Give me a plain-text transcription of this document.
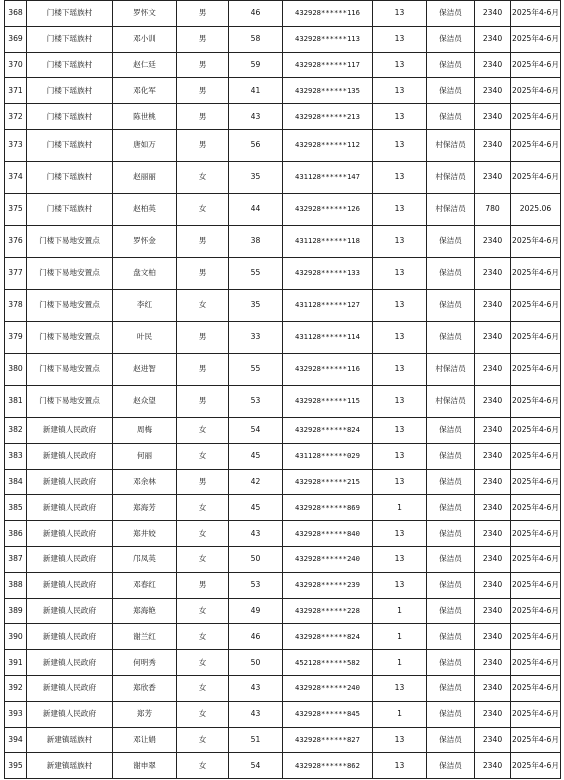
368	门楼下瑶族村	罗怀文	男	46	432928******116	13	保洁员	2340	2025年4-6月
369	门楼下瑶族村	邓小训	男	58	432928******113	13	保洁员	2340	2025年4-6月
370	门楼下瑶族村	赵仁廷	男	59	432928******117	13	保洁员	2340	2025年4-6月
371	门楼下瑶族村	邓化军	男	41	432928******135	13	保洁员	2340	2025年4-6月
372	门楼下瑶族村	陈世桃	男	43	432928******213	13	保洁员	2340	2025年4-6月
373	门楼下瑶族村	唐如万	男	56	432928******112	13	村保洁员	2340	2025年4-6月
374	门楼下瑶族村	赵丽丽	女	35	431128******147	13	村保洁员	2340	2025年4-6月
375	门楼下瑶族村	赵柏英	女	44	432928******126	13	村保洁员	780	2025.06
376	门楼下易地安置点	罗怀金	男	38	431128******118	13	保洁员	2340	2025年4-6月
377	门楼下易地安置点	盘文柏	男	55	432928******133	13	保洁员	2340	2025年4-6月
378	门楼下易地安置点	李红	女	35	431128******127	13	保洁员	2340	2025年4-6月
379	门楼下易地安置点	叶民	男	33	431128******114	13	保洁员	2340	2025年4-6月
380	门楼下易地安置点	赵进智	男	55	432928******116	13	村保洁员	2340	2025年4-6月
381	门楼下易地安置点	赵众望	男	53	432928******115	13	村保洁员	2340	2025年4-6月
382	新建镇人民政府	周梅	女	54	432928******824	13	保洁员	2340	2025年4-6月
383	新建镇人民政府	何丽	女	45	431128******029	13	保洁员	2340	2025年4-6月
384	新建镇人民政府	邓余林	男	42	432928******215	13	保洁员	2340	2025年4-6月
385	新建镇人民政府	郑海芳	女	45	432928******869	1	保洁员	2340	2025年4-6月
386	新建镇人民政府	郑井姣	女	43	432928******840	13	保洁员	2340	2025年4-6月
387	新建镇人民政府	邝凤英	女	50	432928******240	13	保洁员	2340	2025年4-6月
388	新建镇人民政府	邓春红	男	53	432928******239	13	保洁员	2340	2025年4-6月
389	新建镇人民政府	郑海艳	女	49	432928******228	1	保洁员	2340	2025年4-6月
390	新建镇人民政府	谢兰红	女	46	432928******824	1	保洁员	2340	2025年4-6月
391	新建镇人民政府	何明秀	女	50	452128******582	1	保洁员	2340	2025年4-6月
392	新建镇人民政府	郑欣香	女	43	432928******240	13	保洁员	2340	2025年4-6月
393	新建镇人民政府	郑芳	女	43	432928******845	1	保洁员	2340	2025年4-6月
394	新建镇瑶族村	邓让娟	女	51	432928******827	13	保洁员	2340	2025年4-6月
395	新建镇瑶族村	谢申翠	女	54	432928******862	13	保洁员	2340	2025年4-6月
